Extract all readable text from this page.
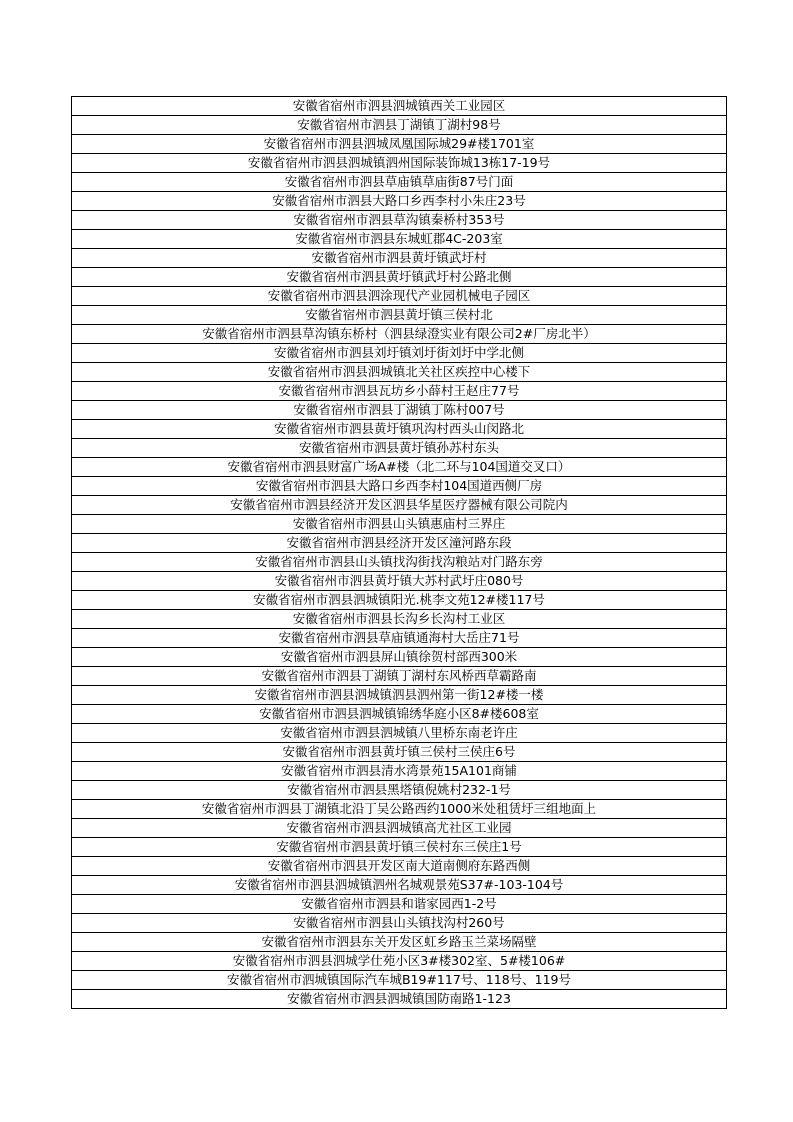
安徽省宿州市泗县泗城镇西关工业园区
安徽省宿州市泗县丁湖镇丁湖村98号
安徽省宿州市泗县泗城凤凰国际城29#楼1701室
安徽省宿州市泗县泗城镇泗州国际装饰城13栋17-19号
安徽省宿州市泗县草庙镇草庙街87号门面
安徽省宿州市泗县大路口乡西李村小朱庄23号
安徽省宿州市泗县草沟镇秦桥村353号
安徽省宿州市泗县东城虹郡4C-203室
安徽省宿州市泗县黄圩镇武圩村
安徽省宿州市泗县黄圩镇武圩村公路北侧
安徽省宿州市泗县泗涂现代产业园机械电子园区
安徽省宿州市泗县黄圩镇三侯村北
安徽省宿州市泗县草沟镇东桥村（泗县绿澄实业有限公司2#厂房北半）
安徽省宿州市泗县刘圩镇刘圩街刘圩中学北侧
安徽省宿州市泗县泗城镇北关社区疾控中心楼下
安徽省宿州市泗县瓦坊乡小薛村王赵庄77号
安徽省宿州市泗县丁湖镇丁陈村007号
安徽省宿州市泗县黄圩镇巩沟村西头山闵路北
安徽省宿州市泗县黄圩镇孙苏村东头
安徽省宿州市泗县财富广场A#楼（北二环与104国道交叉口）
安徽省宿州市泗县大路口乡西李村104国道西侧厂房
安徽省宿州市泗县经济开发区泗县华星医疗器械有限公司院内
安徽省宿州市泗县山头镇惠庙村三界庄
安徽省宿州市泗县经济开发区潼河路东段
安徽省宿州市泗县山头镇找沟街找沟粮站对门路东旁
安徽省宿州市泗县黄圩镇大苏村武圩庄080号
安徽省宿州市泗县泗城镇阳光.桃李文苑12#楼117号
安徽省宿州市泗县长沟乡长沟村工业区
安徽省宿州市泗县草庙镇通海村大岳庄71号
安徽省宿州市泗县屏山镇徐贺村部西300米
安徽省宿州市泗县丁湖镇丁湖村东风桥西草霸路南
安徽省宿州市泗县泗城镇泗县泗州第一街12#楼一楼
安徽省宿州市泗县泗城镇锦绣华庭小区8#楼608室
安徽省宿州市泗县泗城镇八里桥东南老许庄
安徽省宿州市泗县黄圩镇三侯村三侯庄6号
安徽省宿州市泗县清水湾景苑15A101商铺
安徽省宿州市泗县黑塔镇倪姚村232-1号
安徽省宿州市泗县丁湖镇北沿丁吴公路西约1000米处租赁圩三组地面上
安徽省宿州市泗县泗城镇高尤社区工业园
安徽省宿州市泗县黄圩镇三侯村东三侯庄1号
安徽省宿州市泗县开发区南大道南侧府东路西侧
安徽省宿州市泗县泗城镇泗州名城观景苑S37#-103-104号
安徽省宿州市泗县和谐家园西1-2号
安徽省宿州市泗县山头镇找沟村260号
安徽省宿州市泗县东关开发区虹乡路玉兰菜场隔壁
安徽省宿州市泗县泗城学仕苑小区3#楼302室、5#楼106#
安徽省宿州市泗城镇国际汽车城B19#117号、118号、119号
安徽省宿州市泗县泗城镇国防南路1-123
